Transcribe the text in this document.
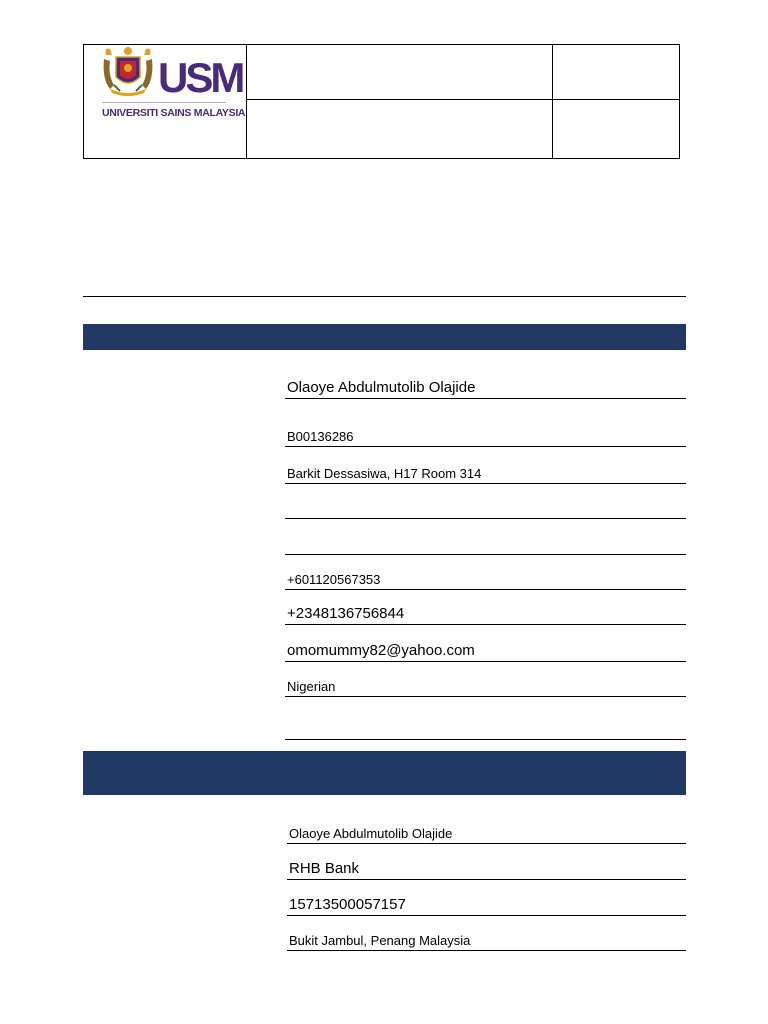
USM
UNIVERSITI SAINS MALAYSIA
Olaoye Abdulmutolib Olajide
B00136286
Barkit Dessasiwa, H17 Room 314
+601120567353
+2348136756844
omomummy82@yahoo.com
Nigerian
Olaoye Abdulmutolib Olajide
RHB Bank
15713500057157
Bukit Jambul, Penang Malaysia
